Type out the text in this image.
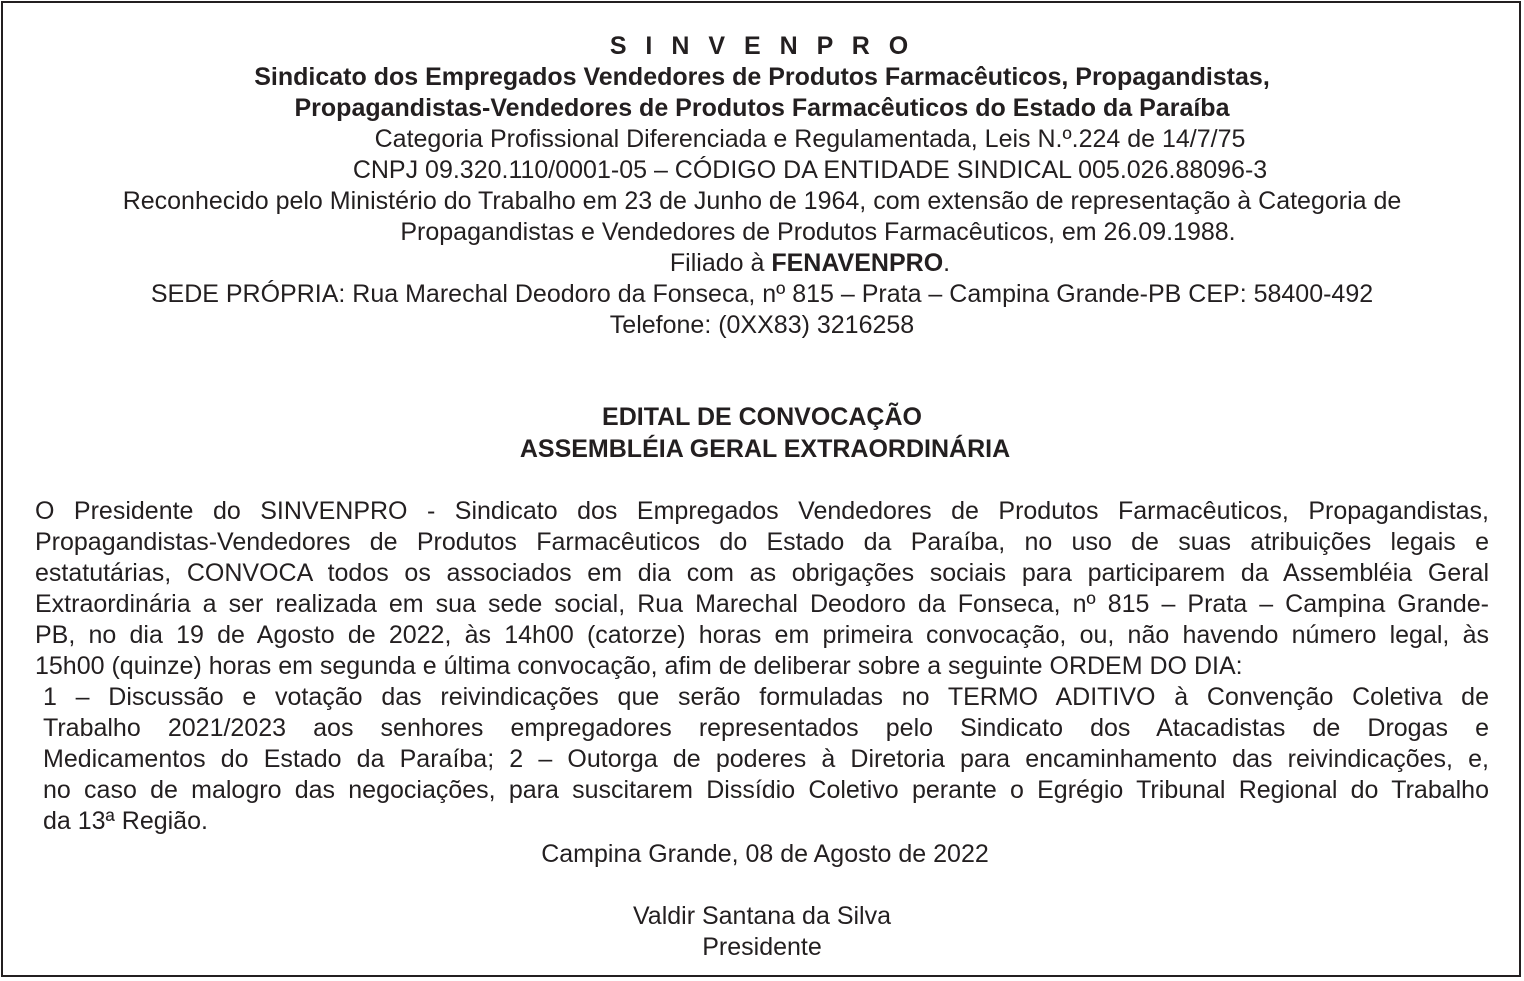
S I N V E N P R O
Sindicato dos Empregados Vendedores de Produtos Farmacêuticos, Propagandistas,
Propagandistas-Vendedores de Produtos Farmacêuticos do Estado da Paraíba
Categoria Profissional Diferenciada e Regulamentada, Leis N.º.224 de 14/7/75
CNPJ 09.320.110/0001-05 – CÓDIGO DA ENTIDADE SINDICAL 005.026.88096-3
Reconhecido pelo Ministério do Trabalho em 23 de Junho de 1964, com extensão de representação à Categoria de
Propagandistas e Vendedores de Produtos Farmacêuticos, em 26.09.1988.
Filiado à FENAVENPRO.
SEDE PRÓPRIA: Rua Marechal Deodoro da Fonseca, nº 815 – Prata – Campina Grande-PB CEP: 58400-492
Telefone: (0XX83) 3216258
EDITAL DE CONVOCAÇÃO
ASSEMBLÉIA GERAL EXTRAORDINÁRIA
O Presidente do SINVENPRO - Sindicato dos Empregados Vendedores de Produtos Farmacêuticos, Propagandistas,
Propagandistas-Vendedores de Produtos Farmacêuticos do Estado da Paraíba, no uso de suas atribuições legais e
estatutárias, CONVOCA todos os associados em dia com as obrigações sociais para participarem da Assembléia Geral
Extraordinária a ser realizada em sua sede social, Rua Marechal Deodoro da Fonseca, nº 815 – Prata – Campina Grande-
PB, no dia 19 de Agosto de 2022, às 14h00 (catorze) horas em primeira convocação, ou, não havendo número legal, às
15h00 (quinze) horas em segunda e última convocação, afim de deliberar sobre a seguinte ORDEM DO DIA:
1 – Discussão e votação das reivindicações que serão formuladas no TERMO ADITIVO à Convenção Coletiva de
Trabalho 2021/2023 aos senhores empregadores representados pelo Sindicato dos Atacadistas de Drogas e
Medicamentos do Estado da Paraíba; 2 – Outorga de poderes à Diretoria para encaminhamento das reivindicações, e,
no caso de malogro das negociações, para suscitarem Dissídio Coletivo perante o Egrégio Tribunal Regional do Trabalho
da 13ª Região.
Campina Grande, 08 de Agosto de 2022
Valdir Santana da Silva
Presidente
